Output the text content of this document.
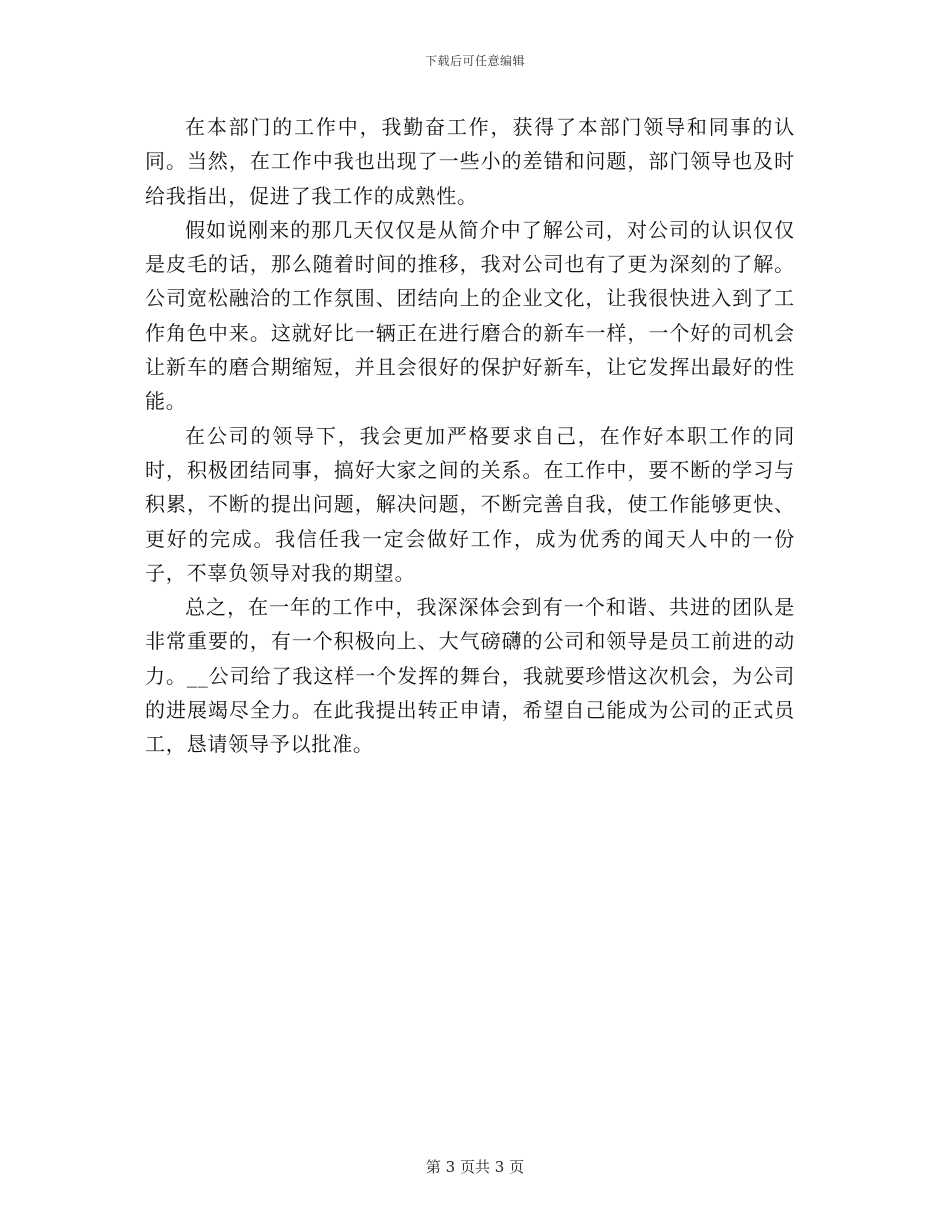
下载后可任意编辑

在本部门的工作中，我勤奋工作，获得了本部门领导和同事的认同。当然，在工作中我也出现了一些小的差错和问题，部门领导也及时给我指出，促进了我工作的成熟性。

假如说刚来的那几天仅仅是从简介中了解公司，对公司的认识仅仅是皮毛的话，那么随着时间的推移，我对公司也有了更为深刻的了解。公司宽松融洽的工作氛围、团结向上的企业文化，让我很快进入到了工作角色中来。这就好比一辆正在进行磨合的新车一样，一个好的司机会让新车的磨合期缩短，并且会很好的保护好新车，让它发挥出最好的性能。

在公司的领导下，我会更加严格要求自己，在作好本职工作的同时，积极团结同事，搞好大家之间的关系。在工作中，要不断的学习与积累，不断的提出问题，解决问题，不断完善自我，使工作能够更快、更好的完成。我信任我一定会做好工作，成为优秀的闻天人中的一份子，不辜负领导对我的期望。

总之，在一年的工作中，我深深体会到有一个和谐、共进的团队是非常重要的，有一个积极向上、大气磅礴的公司和领导是员工前进的动力。__公司给了我这样一个发挥的舞台，我就要珍惜这次机会，为公司的进展竭尽全力。在此我提出转正申请，希望自己能成为公司的正式员工，恳请领导予以批准。

第 3 页共 3 页
